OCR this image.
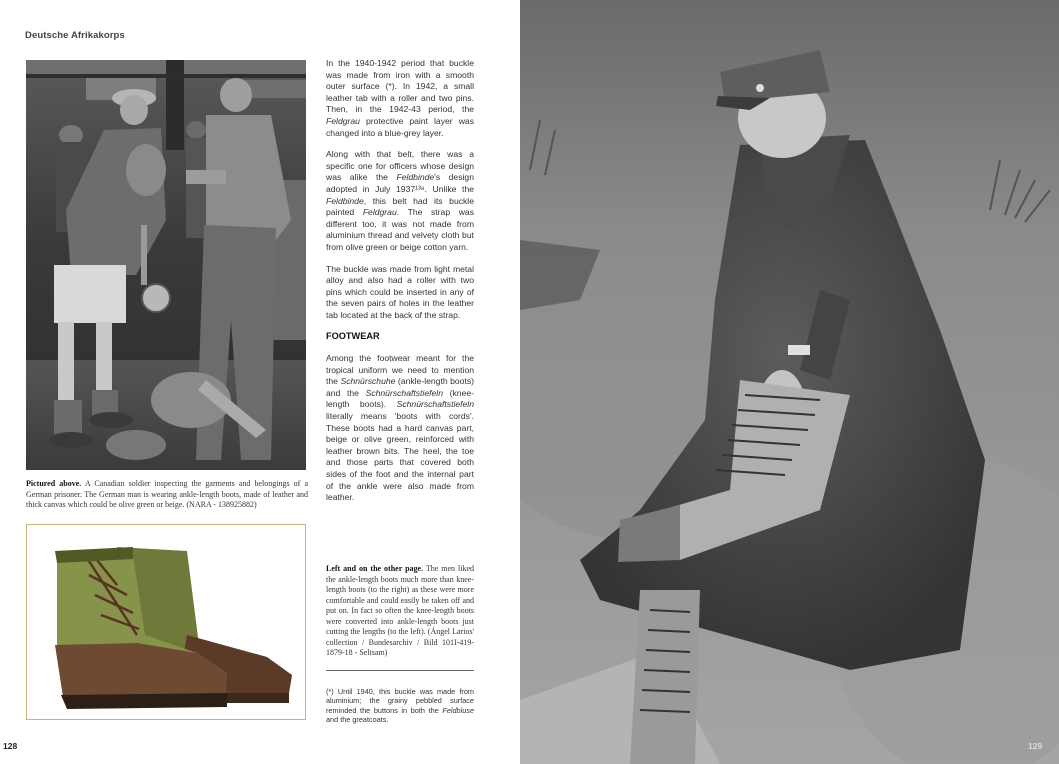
Deutsche Afrikakorps
Pictured above. A Canadian soldier inspecting the garments and belongings of a German prisoner. The German man is wearing ankle-length boots, made of leather and thick canvas which could be olive green or beige. (NARA - 138925882)

In the 1940-1942 period that buckle was made from iron with a smooth outer surface (*). In 1942, a small leather tab with a roller and two pins. Then, in the 1942-43 period, the Feldgrau protective paint layer was changed into a blue-grey layer.

Along with that belt, there was a specific one for officers whose design was alike the Feldbinde's design adopted in July 1937¹³⁸. Unlike the Feldbinde, this belt had its buckle painted Feldgrau. The strap was different too, it was not made from aluminium thread and velvety cloth but from olive green or beige cotton yarn.

The buckle was made from light metal alloy and also had a roller with two pins which could be inserted in any of the seven pairs of holes in the leather tab located at the back of the strap.

FOOTWEAR

Among the footwear meant for the tropical uniform we need to mention the Schnürschuhe (ankle-length boots) and the Schnürschaftstiefeln (knee-length boots). Schnürschaftstiefeln literally means 'boots with cords'. These boots had a hard canvas part, beige or olive green, reinforced with leather brown bits. The heel, the toe and those parts that covered both sides of the foot and the internal part of the ankle were also made from leather.

Left and on the other page. The men liked the ankle-length boots much more than knee-length boots (to the right) as these were more comfortable and could easily be taken off and put on. In fact so often the knee-length boots were converted into ankle-length boots just cutting the lengths (to the left). (Ángel Larios' collection / Bundesarchiv / Bild 101I-419-1879-18 - Seltsam)
(*) Until 1940, this buckle was made from aluminium; the grainy pebbled surface reminded the buttons in both the Feldbluse and the greatcoats.
128	129
